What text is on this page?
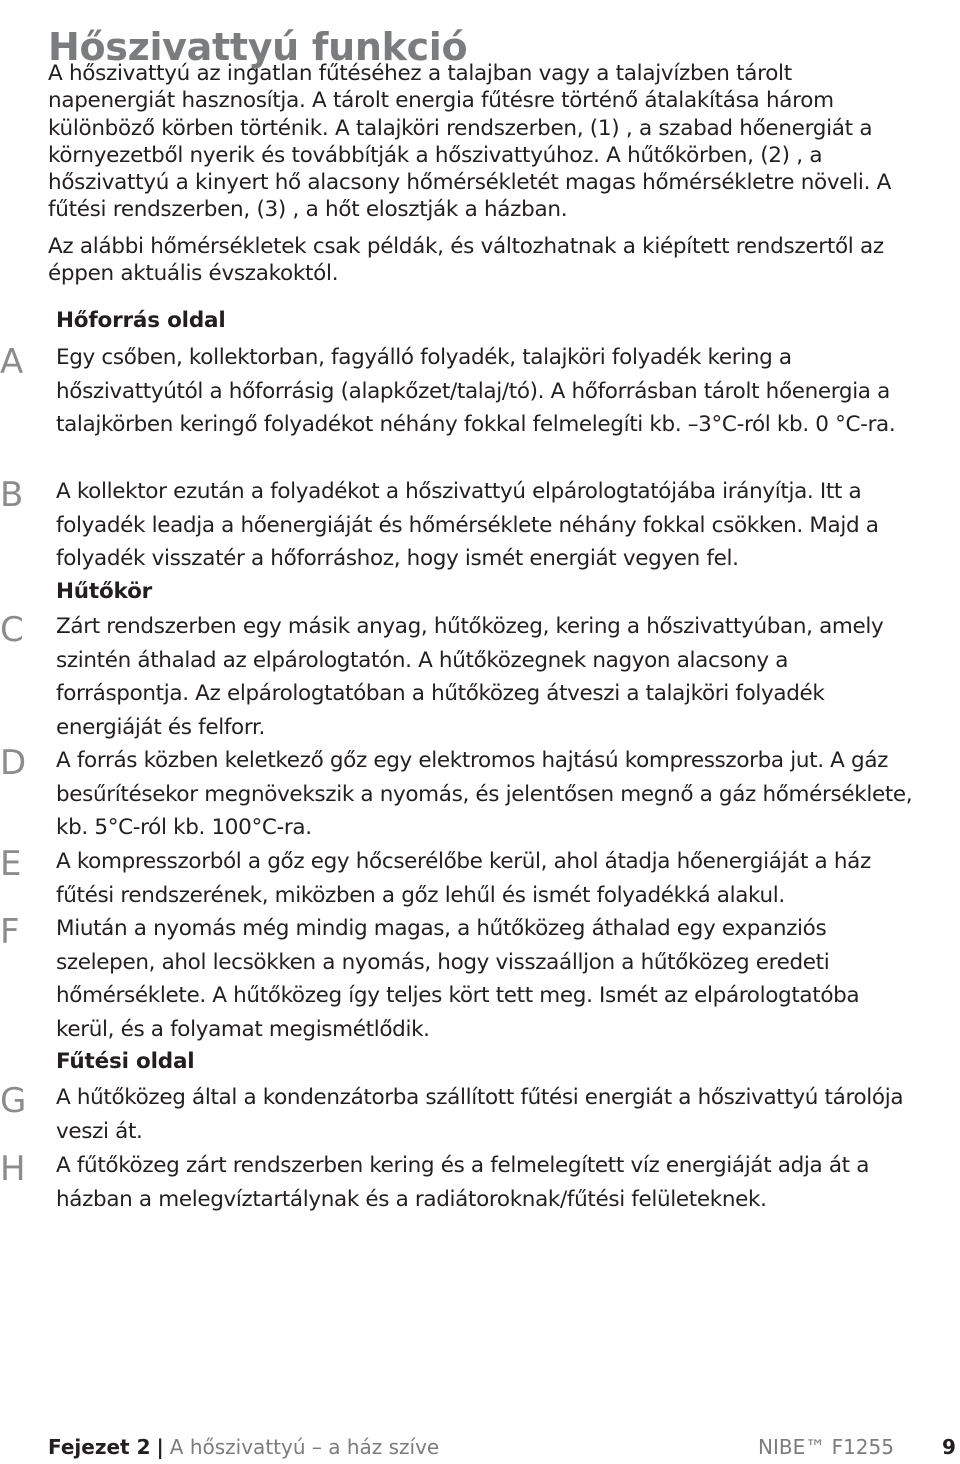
Hőszivattyú funkció

A hőszivattyú az ingatlan fűtéséhez a talajban vagy a talajvízben tárolt napenergiát hasznosítja. A tárolt energia fűtésre történő átalakítása három különböző körben történik. A talajköri rendszerben, (1) , a szabad hőenergiát a környezetből nyerik és továbbítják a hőszivattyúhoz. A hűtőkörben, (2) , a hőszivattyú a kinyert hő alacsony hőmérsékletét magas hőmérsékletre növeli. A fűtési rendszerben, (3) , a hőt elosztják a házban.

Az alábbi hőmérsékletek csak példák, és változhatnak a kiépített rendszertől az éppen aktuális évszakoktól.

Hőforrás oldal
A	Egy csőben, kollektorban, fagyálló folyadék, talajköri folyadék kering a hőszivattyútól a hőforrásig (alapkőzet/talaj/tó). A hőforrásban tárolt hőenergia a talajkörben keringő folyadékot néhány fokkal felmelegíti kb. –3°C-ról kb. 0 °C-ra.

B	A kollektor ezután a folyadékot a hőszivattyú elpárologtatójába irányítja. Itt a folyadék leadja a hőenergiáját és hőmérséklete néhány fokkal csökken. Majd a folyadék visszatér a hőforráshoz, hogy ismét energiát vegyen fel.

Hűtőkör
C	Zárt rendszerben egy másik anyag, hűtőközeg, kering a hőszivattyúban, amely szintén áthalad az elpárologtatón. A hűtőközegnek nagyon alacsony a forráspontja. Az elpárologtatóban a hűtőközeg átveszi a talajköri folyadék energiáját és felforr.

D	A forrás közben keletkező gőz egy elektromos hajtású kompresszorba jut. A gáz besűrítésekor megnövekszik a nyomás, és jelentősen megnő a gáz hőmérséklete, kb. 5°C-ról kb. 100°C-ra.

E	A kompresszorból a gőz egy hőcserélőbe kerül, ahol átadja hőenergiáját a ház fűtési rendszerének, miközben a gőz lehűl és ismét folyadékká alakul.

F	Miután a nyomás még mindig magas, a hűtőközeg áthalad egy expanziós szelepen, ahol lecsökken a nyomás, hogy visszaálljon a hűtőközeg eredeti hőmérséklete. A hűtőközeg így teljes kört tett meg. Ismét az elpárologtatóba kerül, és a folyamat megismétlődik.

Fűtési oldal
G	A hűtőközeg által a kondenzátorba szállított fűtési energiát a hőszivattyú tárolója veszi át.

H	A fűtőközeg zárt rendszerben kering és a felmelegített víz energiáját adja át a házban a melegvíztartálynak és a radiátoroknak/fűtési felületeknek.

Fejezet 2 | A hőszivattyú – a ház szíve	NIBE™ F1255 9
